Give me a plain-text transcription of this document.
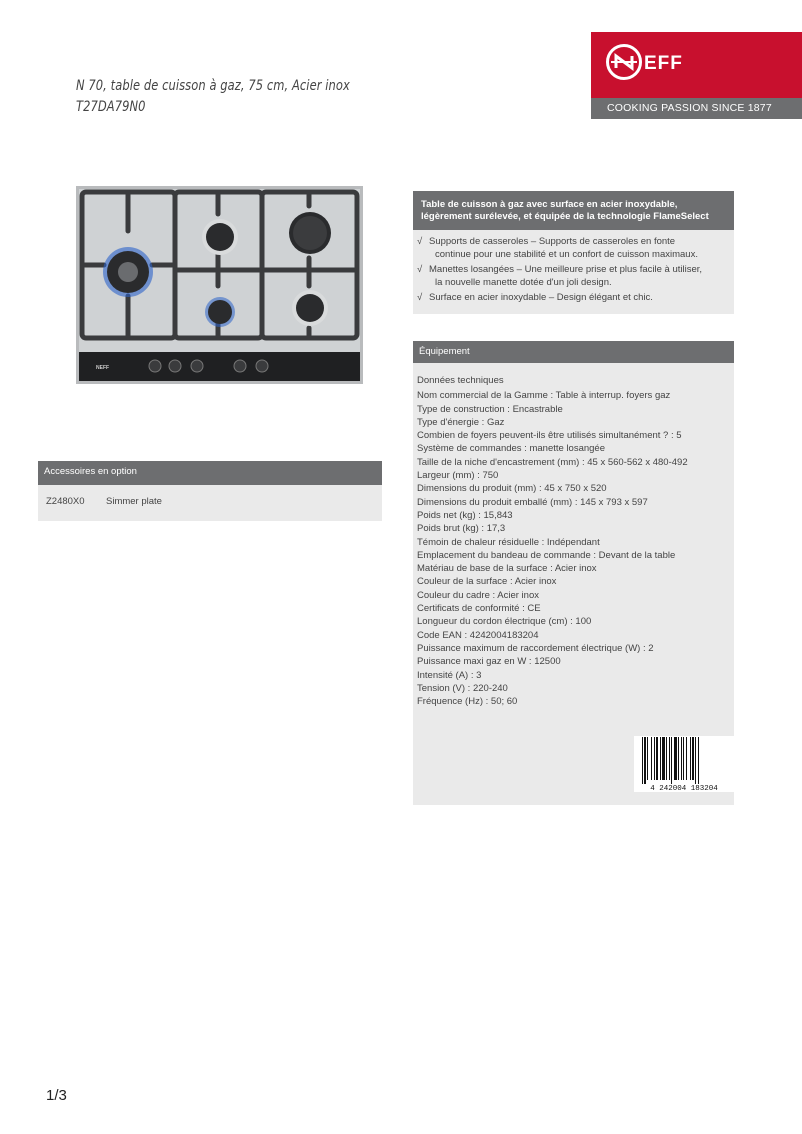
N 70, table de cuisson à gaz, 75 cm, Acier inox
T27DA79N0
EFF
COOKING PASSION SINCE 1877
NEFF
Table de cuisson à gaz avec surface en acier inoxydable,
légèrement surélevée, et équipée de la technologie FlameSelect
√ Supports de casseroles – Supports de casseroles en fonte
continue pour une stabilité et un confort de cuisson maximaux.
√ Manettes losangées – Une meilleure prise et plus facile à utiliser,
la nouvelle manette dotée d'un joli design.
√ Surface en acier inoxydable – Design élégant et chic.
Équipement
Données techniques
Nom commercial de la Gamme : Table à interrup. foyers gaz
Type de construction : Encastrable
Type d'énergie : Gaz
Combien de foyers peuvent-ils être utilisés simultanément ? : 5
Système de commandes : manette losangée
Taille de la niche d'encastrement (mm) : 45 x 560-562 x 480-492
Largeur (mm) : 750
Dimensions du produit (mm) : 45 x 750 x 520
Dimensions du produit emballé (mm) : 145 x 793 x 597
Poids net (kg) : 15,843
Poids brut (kg) : 17,3
Témoin de chaleur résiduelle : Indépendant
Emplacement du bandeau de commande : Devant de la table
Matériau de base de la surface : Acier inox
Couleur de la surface : Acier inox
Couleur du cadre : Acier inox
Certificats de conformité : CE
Longueur du cordon électrique (cm) : 100
Code EAN : 4242004183204
Puissance maximum de raccordement électrique (W) : 2
Puissance maxi gaz en W : 12500
Intensité (A) : 3
Tension (V) : 220-240
Fréquence (Hz) : 50; 60
4 242004 183204
Accessoires en option
Z2480X0 Simmer plate
1/3
